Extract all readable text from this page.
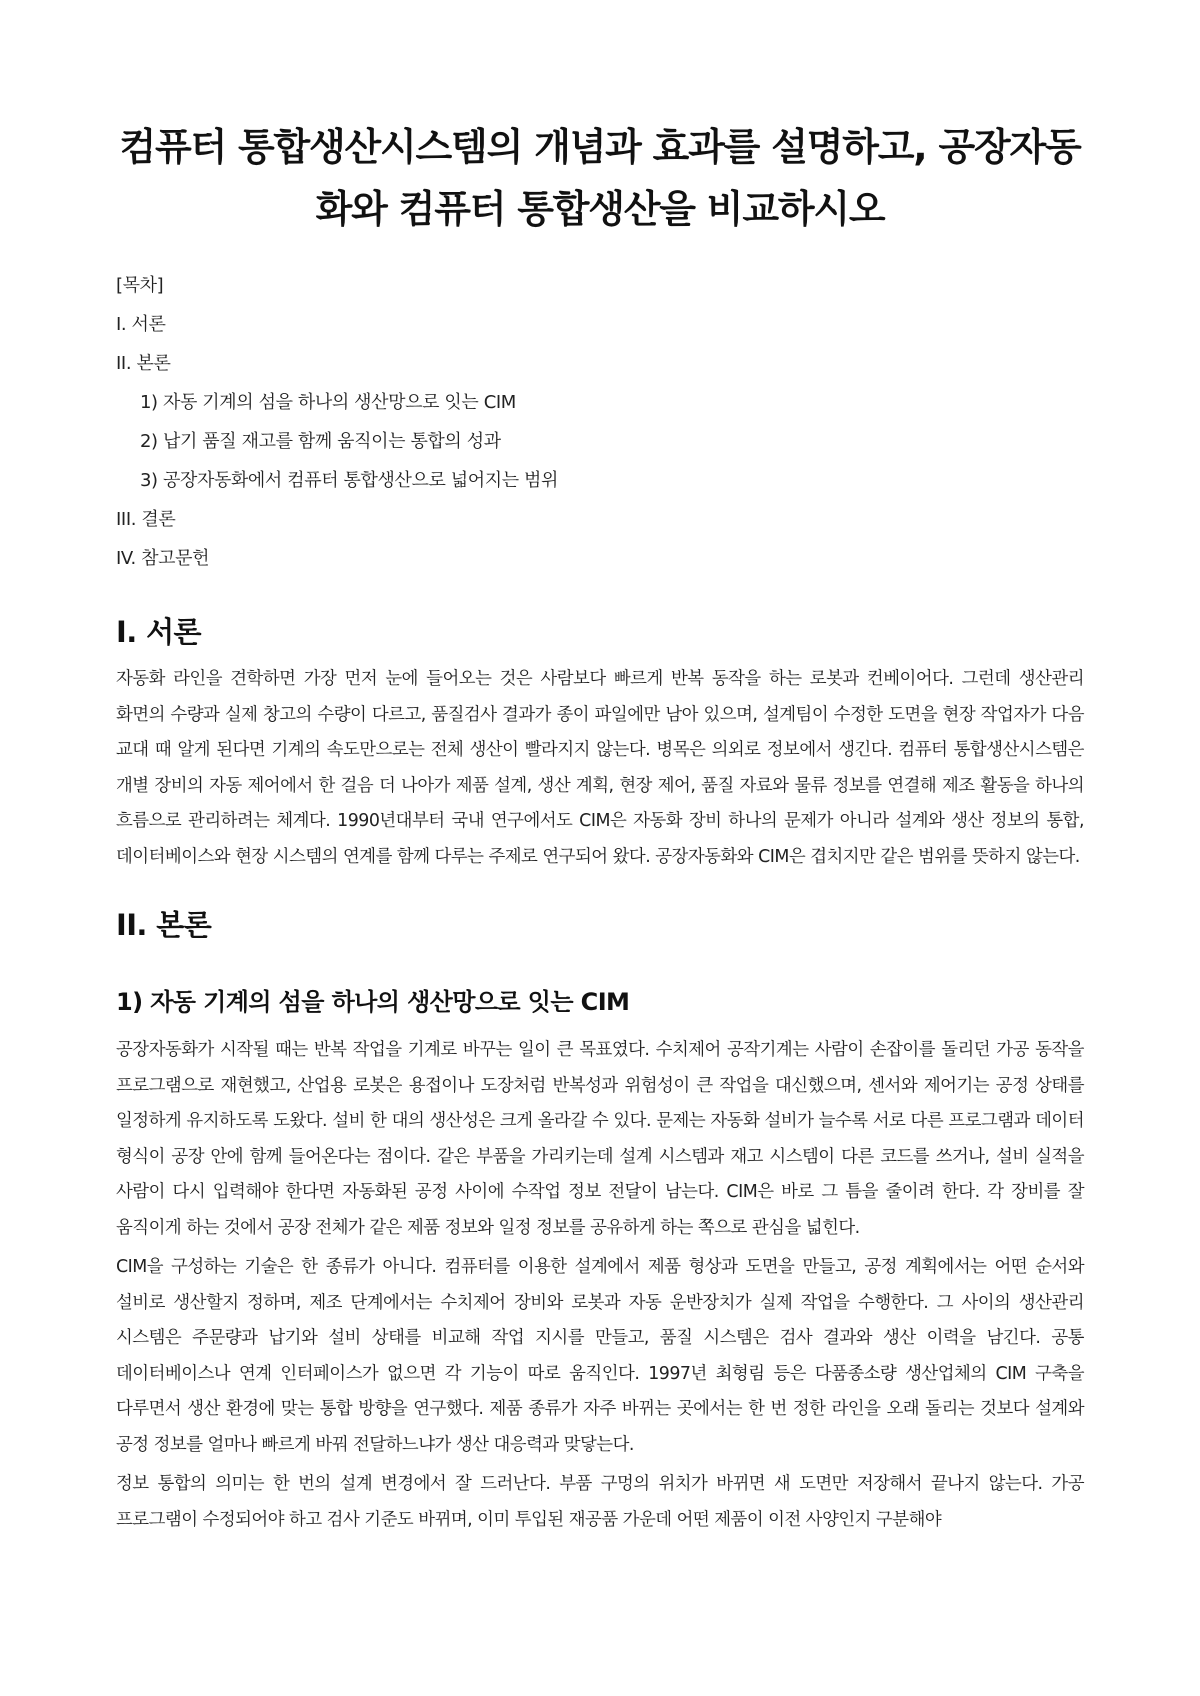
컴퓨터 통합생산시스템의 개념과 효과를 설명하고, 공장자동화와 컴퓨터 통합생산을 비교하시오
[목차]
I. 서론
II. 본론
1) 자동 기계의 섬을 하나의 생산망으로 잇는 CIM
2) 납기 품질 재고를 함께 움직이는 통합의 성과
3) 공장자동화에서 컴퓨터 통합생산으로 넓어지는 범위
III. 결론
IV. 참고문헌
I. 서론

자동화 라인을 견학하면 가장 먼저 눈에 들어오는 것은 사람보다 빠르게 반복 동작을 하는 로봇과 컨베이어다. 그런데 생산관리 화면의 수량과 실제 창고의 수량이 다르고, 품질검사 결과가 종이 파일에만 남아 있으며, 설계팀이 수정한 도면을 현장 작업자가 다음 교대 때 알게 된다면 기계의 속도만으로는 전체 생산이 빨라지지 않는다. 병목은 의외로 정보에서 생긴다. 컴퓨터 통합생산시스템은 개별 장비의 자동 제어에서 한 걸음 더 나아가 제품 설계, 생산 계획, 현장 제어, 품질 자료와 물류 정보를 연결해 제조 활동을 하나의 흐름으로 관리하려는 체계다. 1990년대부터 국내 연구에서도 CIM은 자동화 장비 하나의 문제가 아니라 설계와 생산 정보의 통합, 데이터베이스와 현장 시스템의 연계를 함께 다루는 주제로 연구되어 왔다. 공장자동화와 CIM은 겹치지만 같은 범위를 뜻하지 않는다.

II. 본론
1) 자동 기계의 섬을 하나의 생산망으로 잇는 CIM

공장자동화가 시작될 때는 반복 작업을 기계로 바꾸는 일이 큰 목표였다. 수치제어 공작기계는 사람이 손잡이를 돌리던 가공 동작을 프로그램으로 재현했고, 산업용 로봇은 용접이나 도장처럼 반복성과 위험성이 큰 작업을 대신했으며, 센서와 제어기는 공정 상태를 일정하게 유지하도록 도왔다. 설비 한 대의 생산성은 크게 올라갈 수 있다. 문제는 자동화 설비가 늘수록 서로 다른 프로그램과 데이터 형식이 공장 안에 함께 들어온다는 점이다. 같은 부품을 가리키는데 설계 시스템과 재고 시스템이 다른 코드를 쓰거나, 설비 실적을 사람이 다시 입력해야 한다면 자동화된 공정 사이에 수작업 정보 전달이 남는다. CIM은 바로 그 틈을 줄이려 한다. 각 장비를 잘 움직이게 하는 것에서 공장 전체가 같은 제품 정보와 일정 정보를 공유하게 하는 쪽으로 관심을 넓힌다.

CIM을 구성하는 기술은 한 종류가 아니다. 컴퓨터를 이용한 설계에서 제품 형상과 도면을 만들고, 공정 계획에서는 어떤 순서와 설비로 생산할지 정하며, 제조 단계에서는 수치제어 장비와 로봇과 자동 운반장치가 실제 작업을 수행한다. 그 사이의 생산관리 시스템은 주문량과 납기와 설비 상태를 비교해 작업 지시를 만들고, 품질 시스템은 검사 결과와 생산 이력을 남긴다. 공통 데이터베이스나 연계 인터페이스가 없으면 각 기능이 따로 움직인다. 1997년 최형림 등은 다품종소량 생산업체의 CIM 구축을 다루면서 생산 환경에 맞는 통합 방향을 연구했다. 제품 종류가 자주 바뀌는 곳에서는 한 번 정한 라인을 오래 돌리는 것보다 설계와 공정 정보를 얼마나 빠르게 바꿔 전달하느냐가 생산 대응력과 맞닿는다.

정보 통합의 의미는 한 번의 설계 변경에서 잘 드러난다. 부품 구멍의 위치가 바뀌면 새 도면만 저장해서 끝나지 않는다. 가공 프로그램이 수정되어야 하고 검사 기준도 바뀌며, 이미 투입된 재공품 가운데 어떤 제품이 이전 사양인지 구분해야
